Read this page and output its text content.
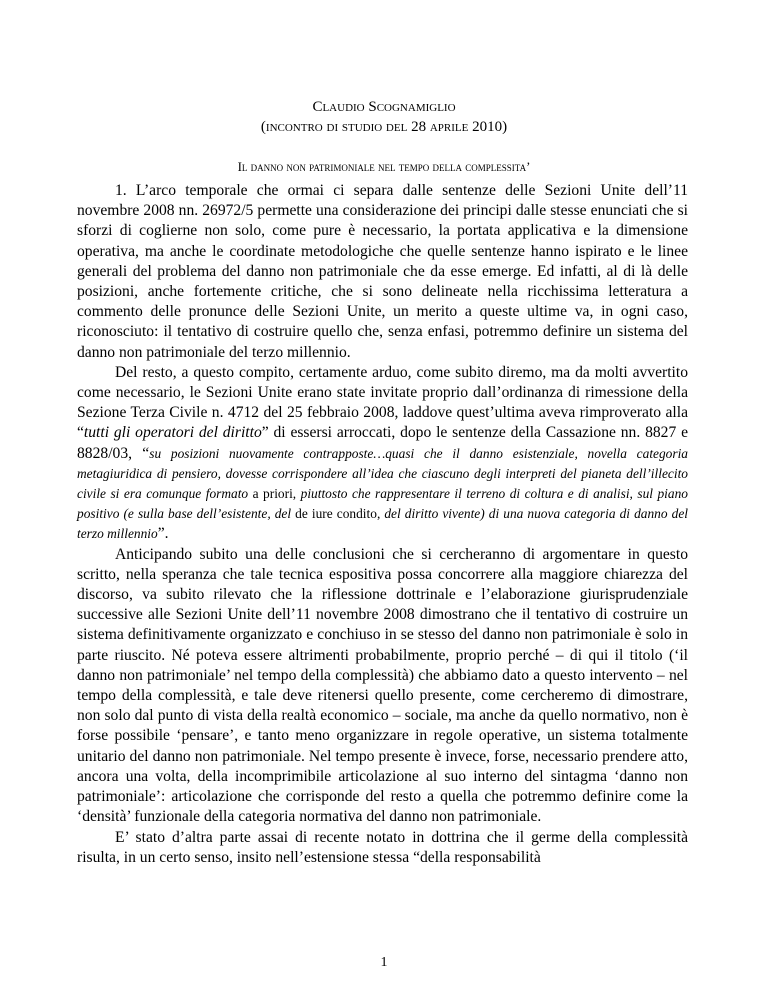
Claudio Scognamiglio

(incontro di studio del 28 aprile 2010)

Il danno non patrimoniale nel tempo della complessita’

1. L’arco temporale che ormai ci separa dalle sentenze delle Sezioni Unite dell’11 novembre 2008 nn. 26972/5 permette una considerazione dei principi dalle stesse enunciati che si sforzi di coglierne non solo, come pure è necessario, la portata applicativa e la dimensione operativa, ma anche le coordinate metodologiche che quelle sentenze hanno ispirato e le linee generali del problema del danno non patrimoniale che da esse emerge. Ed infatti, al di là delle posizioni, anche fortemente critiche, che si sono delineate nella ricchissima letteratura a commento delle pronunce delle Sezioni Unite, un merito a queste ultime va, in ogni caso, riconosciuto: il tentativo di costruire quello che, senza enfasi, potremmo definire un sistema del danno non patrimoniale del terzo millennio.

Del resto, a questo compito, certamente arduo, come subito diremo, ma da molti avvertito come necessario, le Sezioni Unite erano state invitate proprio dall’ordinanza di rimessione della Sezione Terza Civile n. 4712 del 25 febbraio 2008, laddove quest’ultima aveva rimproverato alla “tutti gli operatori del diritto” di essersi arroccati, dopo le sentenze della Cassazione nn. 8827 e 8828/03, “su posizioni nuovamente contrapposte…quasi che il danno esistenziale, novella categoria metagiuridica di pensiero, dovesse corrispondere all’idea che ciascuno degli interpreti del pianeta dell’illecito civile si era comunque formato a priori, piuttosto che rappresentare il terreno di coltura e di analisi, sul piano positivo (e sulla base dell’esistente, del de iure condito, del diritto vivente) di una nuova categoria di danno del terzo millennio”.

Anticipando subito una delle conclusioni che si cercheranno di argomentare in questo scritto, nella speranza che tale tecnica espositiva possa concorrere alla maggiore chiarezza del discorso, va subito rilevato che la riflessione dottrinale e l’elaborazione giurisprudenziale successive alle Sezioni Unite dell’11 novembre 2008 dimostrano che il tentativo di costruire un sistema definitivamente organizzato e conchiuso in se stesso del danno non patrimoniale è solo in parte riuscito. Né poteva essere altrimenti probabilmente, proprio perché – di qui il titolo (‘il danno non patrimoniale’ nel tempo della complessità) che abbiamo dato a questo intervento – nel tempo della complessità, e tale deve ritenersi quello presente, come cercheremo di dimostrare, non solo dal punto di vista della realtà economico – sociale, ma anche da quello normativo, non è forse possibile ‘pensare’, e tanto meno organizzare in regole operative, un sistema totalmente unitario del danno non patrimoniale. Nel tempo presente è invece, forse, necessario prendere atto, ancora una volta, della incomprimibile articolazione al suo interno del sintagma ‘danno non patrimoniale’: articolazione che corrisponde del resto a quella che potremmo definire come la ‘densità’ funzionale della categoria normativa del danno non patrimoniale.

E’ stato d’altra parte assai di recente notato in dottrina che il germe della complessità risulta, in un certo senso, insito nell’estensione stessa “della responsabilità

1
